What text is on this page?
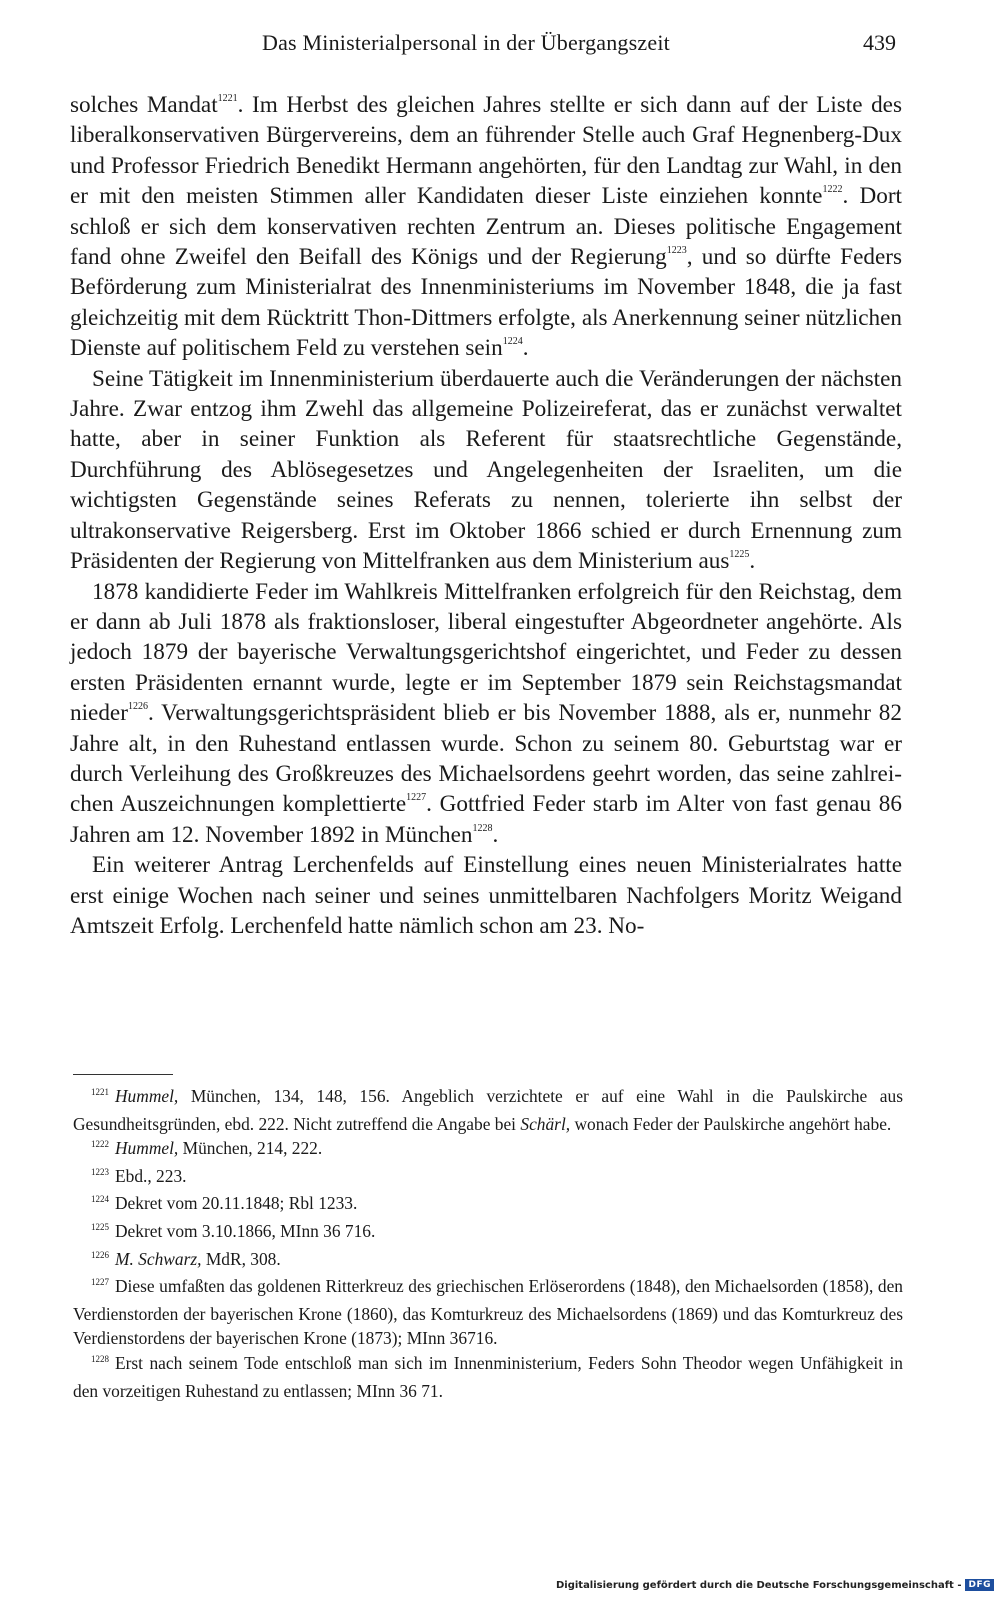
Das Ministerialpersonal in der Übergangszeit	439

solches Mandat$^{1221}$. Im Herbst des gleichen Jahres stellte er sich dann auf der Liste des liberalkonservativen Bürgervereins, dem an führender Stelle auch Graf Hegnenberg-Dux und Professor Friedrich Benedikt Hermann angehörten, für den Landtag zur Wahl, in den er mit den meisten Stimmen aller Kandidaten dieser Liste einziehen konnte$^{1222}$. Dort schloß er sich dem konservativen rechten Zentrum an. Dieses politische Engagement fand ohne Zweifel den Beifall des Königs und der Regierung$^{1223}$, und so dürfte Feders Beförderung zum Ministerialrat des Innenministeriums im November 1848, die ja fast gleichzeitig mit dem Rücktritt Thon-Dittmers erfolgte, als Anerkennung seiner nützlichen Dienste auf politischem Feld zu verstehen sein$^{1224}$.

Seine Tätigkeit im Innenministerium überdauerte auch die Veränderungen der nächsten Jahre. Zwar entzog ihm Zwehl das allgemeine Polizeireferat, das er zunächst verwaltet hatte, aber in seiner Funktion als Referent für staatsrechtliche Gegenstände, Durchführung des Ablösegesetzes und Angelegenheiten der Israeliten, um die wichtigsten Gegenstände seines Referats zu nennen, tolerierte ihn selbst der ultrakonservative Reigersberg. Erst im Oktober 1866 schied er durch Ernennung zum Präsidenten der Regierung von Mittelfranken aus dem Ministerium aus$^{1225}$.

1878 kandidierte Feder im Wahlkreis Mittelfranken erfolgreich für den Reichstag, dem er dann ab Juli 1878 als fraktionsloser, liberal eingestufter Abgeordneter angehörte. Als jedoch 1879 der bayerische Verwaltungsgerichtshof eingerichtet, und Feder zu dessen ersten Präsidenten ernannt wurde, legte er im September 1879 sein Reichstagsmandat nieder$^{1226}$. Verwaltungsgerichtspräsident blieb er bis November 1888, als er, nunmehr 82 Jahre alt, in den Ruhestand entlassen wurde. Schon zu seinem 80. Geburtstag war er durch Verleihung des Großkreuzes des Michaelsordens geehrt worden, das seine zahlreichen Auszeichnungen komplettierte$^{1227}$. Gottfried Feder starb im Alter von fast genau 86 Jahren am 12. November 1892 in München$^{1228}$.

Ein weiterer Antrag Lerchenfelds auf Einstellung eines neuen Ministerialrates hatte erst einige Wochen nach seiner und seines unmittelbaren Nachfolgers Moritz Weigand Amtszeit Erfolg. Lerchenfeld hatte nämlich schon am 23. No-

$^{1221}$ Hummel, München, 134, 148, 156. Angeblich verzichtete er auf eine Wahl in die Paulskirche aus Gesundheitsgründen, ebd. 222. Nicht zutreffend die Angabe bei Schärl, wonach Feder der Paulskirche angehört habe.

$^{1222}$ Hummel, München, 214, 222.

$^{1223}$ Ebd., 223.

$^{1224}$ Dekret vom 20.11.1848; Rbl 1233.

$^{1225}$ Dekret vom 3.10.1866, MInn 36 716.

$^{1226}$ M. Schwarz, MdR, 308.

$^{1227}$ Diese umfaßten das goldenen Ritterkreuz des griechischen Erlöserordens (1848), den Michaelsorden (1858), den Verdienstorden der bayerischen Krone (1860), das Komturkreuz des Michaelsordens (1869) und das Komturkreuz des Verdienstordens der bayerischen Krone (1873); MInn 36716.

$^{1228}$ Erst nach seinem Tode entschloß man sich im Innenministerium, Feders Sohn Theodor wegen Unfähigkeit in den vorzeitigen Ruhestand zu entlassen; MInn 36 71.

Digitalisierung gefördert durch die Deutsche Forschungsgemeinschaft - DFG
